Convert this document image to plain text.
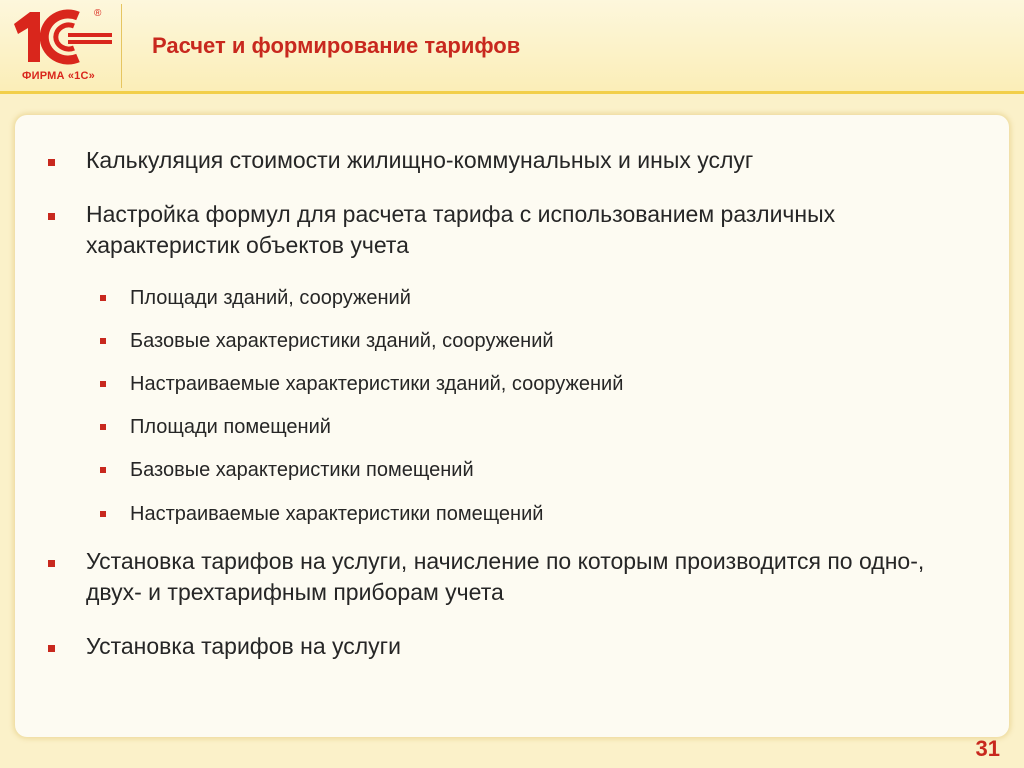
®
ФИРМА «1С»
Расчет и формирование тарифов
Калькуляция стоимости жилищно-коммунальных и иных услуг
Настройка формул для расчета тарифа с использованием различных характеристик объектов учета
Площади зданий, сооружений
Базовые характеристики зданий, сооружений
Настраиваемые характеристики зданий, сооружений
Площади помещений
Базовые характеристики помещений
Настраиваемые характеристики помещений
Установка тарифов на услуги, начисление по которым производится по одно-, двух- и трехтарифным приборам учета
Установка тарифов на услуги
31
